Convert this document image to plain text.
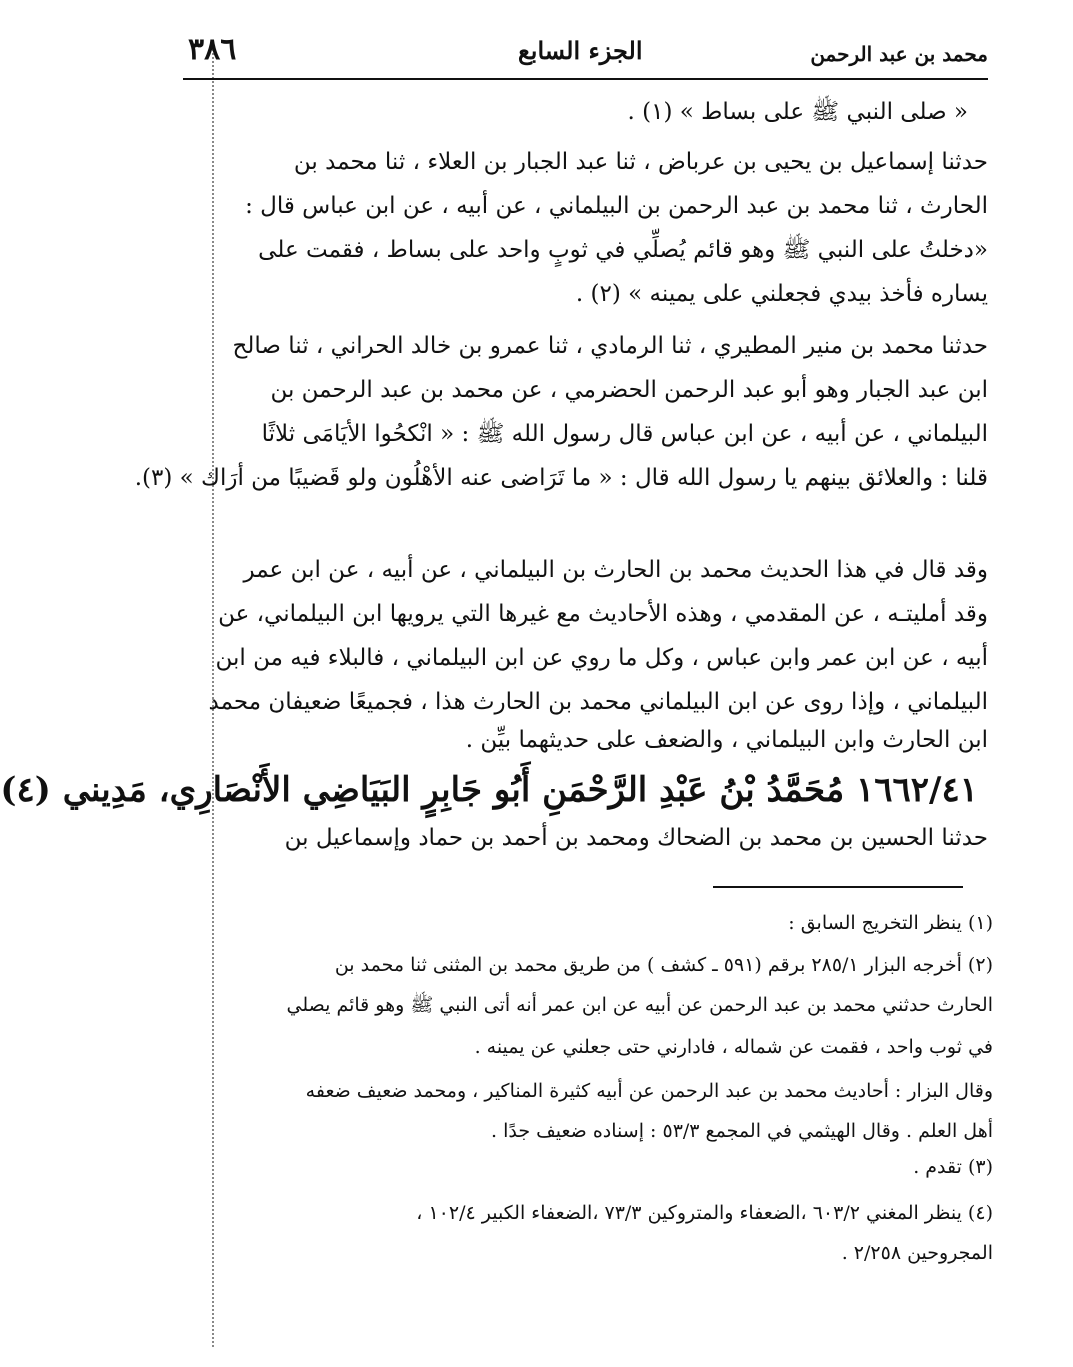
٣٨٦	الجزء السابع	محمد بن عبد الرحمن
« صلى النبي ﷺ على بساط » (١) .
حدثنا إسماعيل بن يحيى بن عرباض ، ثنا عبد الجبار بن العلاء ، ثنا محمد بن
الحارث ، ثنا محمد بن عبد الرحمن بن البيلماني ، عن أبيه ، عن ابن عباس قال :
«دخلتُ على النبي ﷺ وهو قائم يُصلِّي في ثوبٍ واحد على بساط ، فقمت على
يساره فأخذ بيدي فجعلني على يمينه » (٢) .
حدثنا محمد بن منير المطيري ، ثنا الرمادي ، ثنا عمرو بن خالد الحراني ، ثنا صالح
ابن عبد الجبار وهو أبو عبد الرحمن الحضرمي ، عن محمد بن عبد الرحمن بن
البيلماني ، عن أبيه ، عن ابن عباس قال رسول الله ﷺ : « انْكحُوا الأيَامَى ثلاثًا
قلنا : والعلائق بينهم يا رسول الله قال : « ما تَرَاضى عنه الأهْلُون ولو قَضيبًا من أرَاك » (٣).
وقد قال في هذا الحديث محمد بن الحارث بن البيلماني ، عن أبيه ، عن ابن عمر
وقد أمليتـه ، عن المقدمي ، وهذه الأحاديث مع غيرها التي يرويها ابن البيلماني، عن
أبيه ، عن ابن عمر وابن عباس ، وكل ما روي عن ابن البيلماني ، فالبلاء فيه من ابن
البيلماني ، وإذا روى عن ابن البيلماني محمد بن الحارث هذا ، فجميعًا ضعيفان محمد
ابن الحارث وابن البيلماني ، والضعف على حديثهما بيِّن .
١٦٦٢/٤١ مُحَمَّدُ بْنُ عَبْدِ الرَّحْمَنِ أَبُو جَابِرٍ البَيَاضِي الأَنْصَارِي، مَدِيني (٤)
حدثنا الحسين بن محمد بن الضحاك ومحمد بن أحمد بن حماد وإسماعيل بن
(١) ينظر التخريج السابق :
(٢) أخرجه البزار ٢٨٥/١ برقم (٥٩١ ـ كشف ) من طريق محمد بن المثنى ثنا محمد بن
الحارث حدثني محمد بن عبد الرحمن عن أبيه عن ابن عمر أنه أتى النبي ﷺ وهو قائم يصلي
في ثوب واحد ، فقمت عن شماله ، فادارني حتى جعلني عن يمينه .
وقال البزار : أحاديث محمد بن عبد الرحمن عن أبيه كثيرة المناكير ، ومحمد ضعيف ضعفه
أهل العلم . وقال الهيثمي في المجمع ٥٣/٣ : إسناده ضعيف جدًا .
(٣) تقدم .
(٤) ينظر المغني ٦٠٣/٢ ،الضعفاء والمتروكين ٧٣/٣ ،الضعفاء الكبير ١٠٢/٤ ،
المجروحين ٢/٢٥٨ .
